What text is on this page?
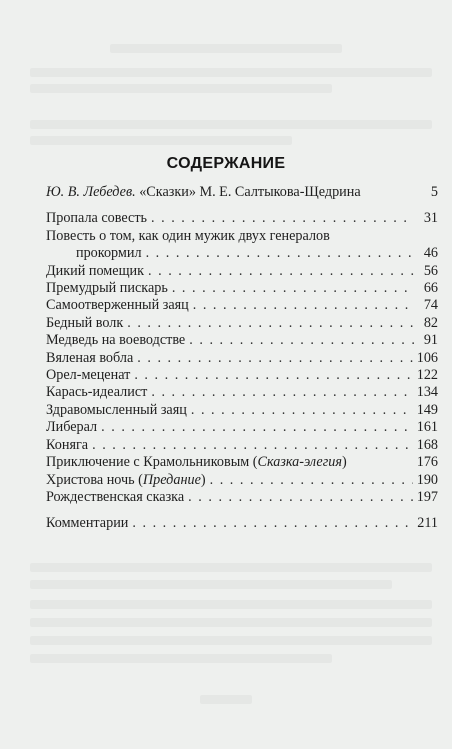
СОДЕРЖАНИЕ
Ю. В. Лебедев. «Сказки» М. Е. Салтыкова-Щедрина	5
Пропала совесть . . .	31
Повесть о том, как один мужик двух генералов
прокормил . . .	46
Дикий помещик . . .	56
Премудрый пискарь . . .	66
Самоотверженный заяц . . .	74
Бедный волк . . .	82
Медведь на воеводстве . . .	91
Вяленая вобла . . .	106
Орел-меценат . . .	122
Карась-идеалист . . .	134
Здравомысленный заяц . . .	149
Либерал . . .	161
Коняга . . .	168
Приключение с Крамольниковым (Сказка-элегия)	176
Христова ночь (Предание) . . .	190
Рождественская сказка . . .	197
Комментарии . . .	211
